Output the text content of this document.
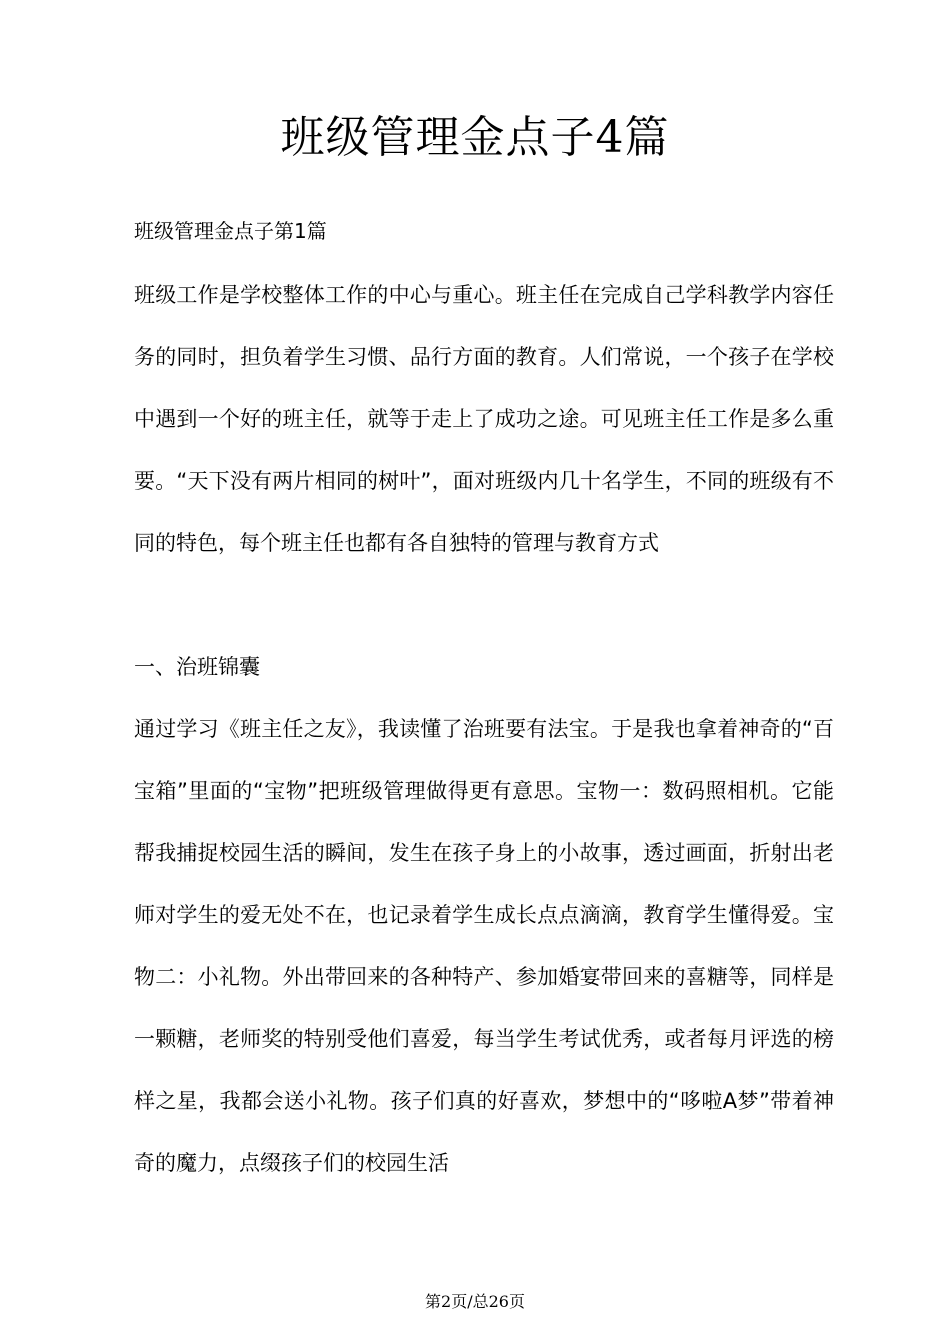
班级管理金点子4篇
班级管理金点子第1篇

班级工作是学校整体工作的中心与重心。班主任在完成自己学科教学内容任务的同时，担负着学生习惯、品行方面的教育。人们常说，一个孩子在学校中遇到一个好的班主任，就等于走上了成功之途。可见班主任工作是多么重要。“天下没有两片相同的树叶”，面对班级内几十名学生，不同的班级有不同的特色，每个班主任也都有各自独特的管理与教育方式

一、治班锦囊

通过学习《班主任之友》，我读懂了治班要有法宝。于是我也拿着神奇的“百宝箱”里面的“宝物”把班级管理做得更有意思。宝物一：数码照相机。它能帮我捕捉校园生活的瞬间，发生在孩子身上的小故事，透过画面，折射出老师对学生的爱无处不在，也记录着学生成长点点滴滴，教育学生懂得爱。宝物二：小礼物。外出带回来的各种特产、参加婚宴带回来的喜糖等，同样是一颗糖，老师奖的特别受他们喜爱，每当学生考试优秀，或者每月评选的榜样之星，我都会送小礼物。孩子们真的好喜欢，梦想中的“哆啦A梦”带着神奇的魔力，点缀孩子们的校园生活

第2页/总26页
